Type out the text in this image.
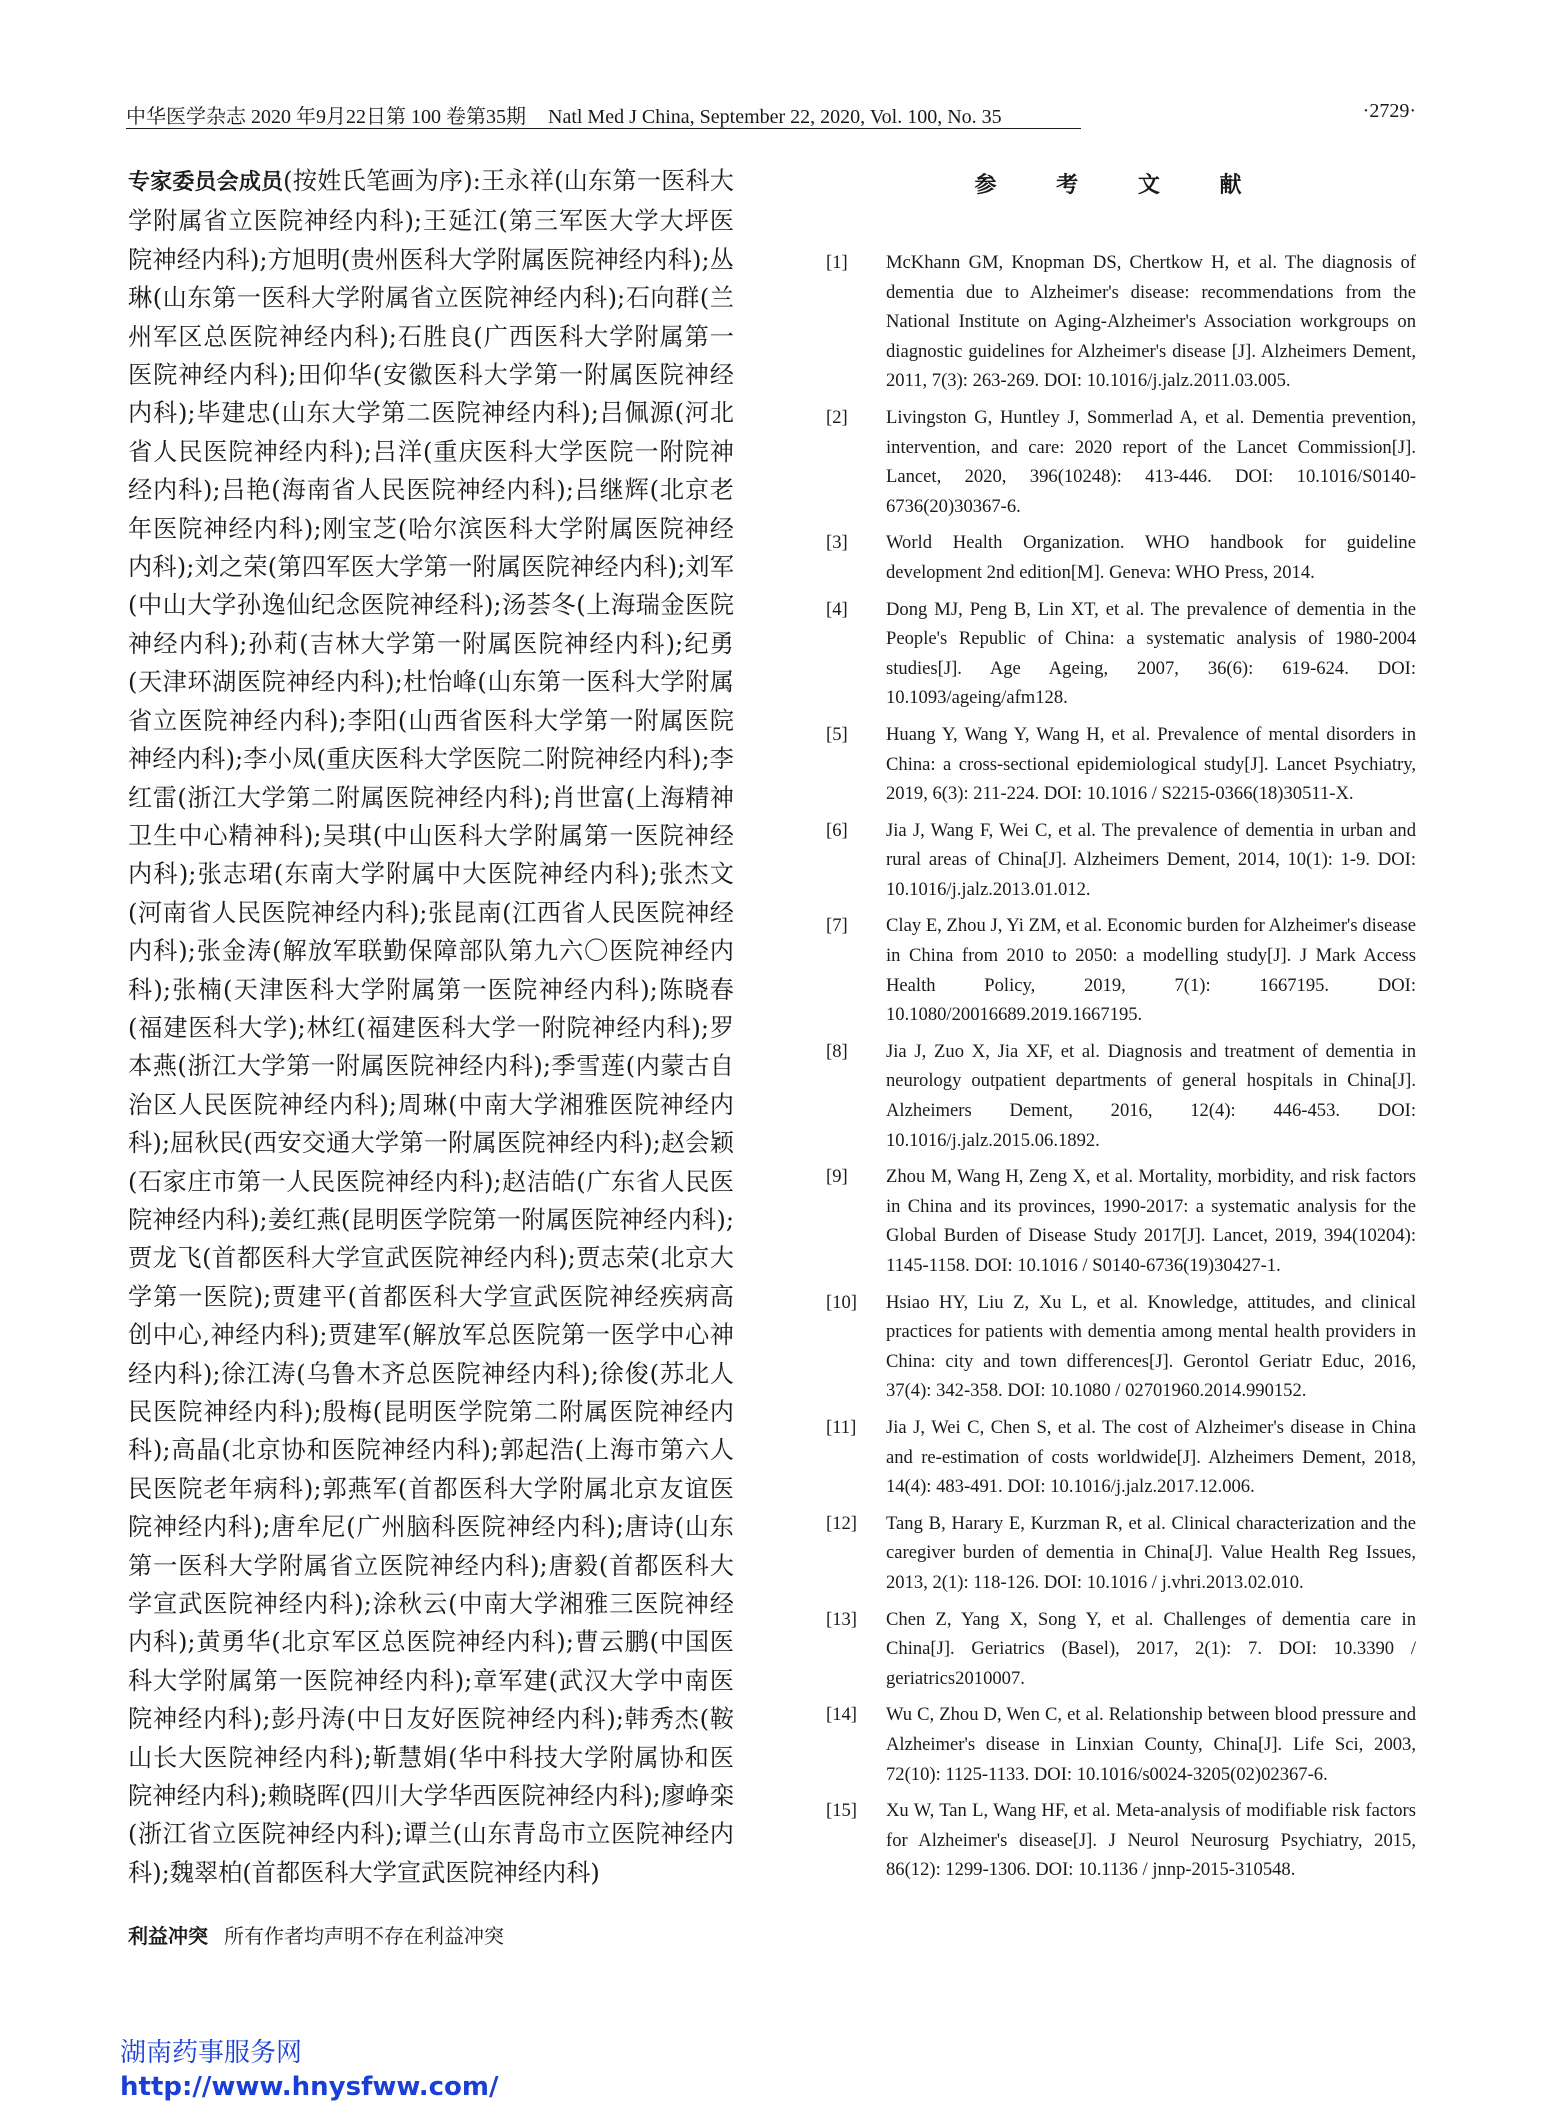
中华医学杂志 2020 年9月22日第 100 卷第35期 Natl Med J China, September 22, 2020, Vol. 100, No. 35	·2729·
专家委员会成员(按姓氏笔画为序):王永祥(山东第一医科大学附属省立医院神经内科);王延江(第三军医大学大坪医院神经内科);方旭明(贵州医科大学附属医院神经内科);丛琳(山东第一医科大学附属省立医院神经内科);石向群(兰州军区总医院神经内科);石胜良(广西医科大学附属第一医院神经内科);田仰华(安徽医科大学第一附属医院神经内科);毕建忠(山东大学第二医院神经内科);吕佩源(河北省人民医院神经内科);吕洋(重庆医科大学医院一附院神经内科);吕艳(海南省人民医院神经内科);吕继辉(北京老年医院神经内科);刚宝芝(哈尔滨医科大学附属医院神经内科);刘之荣(第四军医大学第一附属医院神经内科);刘军(中山大学孙逸仙纪念医院神经科);汤荟冬(上海瑞金医院神经内科);孙莉(吉林大学第一附属医院神经内科);纪勇(天津环湖医院神经内科);杜怡峰(山东第一医科大学附属省立医院神经内科);李阳(山西省医科大学第一附属医院神经内科);李小凤(重庆医科大学医院二附院神经内科);李红雷(浙江大学第二附属医院神经内科);肖世富(上海精神卫生中心精神科);吴琪(中山医科大学附属第一医院神经内科);张志珺(东南大学附属中大医院神经内科);张杰文(河南省人民医院神经内科);张昆南(江西省人民医院神经内科);张金涛(解放军联勤保障部队第九六〇医院神经内科);张楠(天津医科大学附属第一医院神经内科);陈晓春(福建医科大学);林红(福建医科大学一附院神经内科);罗本燕(浙江大学第一附属医院神经内科);季雪莲(内蒙古自治区人民医院神经内科);周琳(中南大学湘雅医院神经内科);屈秋民(西安交通大学第一附属医院神经内科);赵会颖(石家庄市第一人民医院神经内科);赵洁皓(广东省人民医院神经内科);姜红燕(昆明医学院第一附属医院神经内科);贾龙飞(首都医科大学宣武医院神经内科);贾志荣(北京大学第一医院);贾建平(首都医科大学宣武医院神经疾病高创中心,神经内科);贾建军(解放军总医院第一医学中心神经内科);徐江涛(乌鲁木齐总医院神经内科);徐俊(苏北人民医院神经内科);殷梅(昆明医学院第二附属医院神经内科);高晶(北京协和医院神经内科);郭起浩(上海市第六人民医院老年病科);郭燕军(首都医科大学附属北京友谊医院神经内科);唐牟尼(广州脑科医院神经内科);唐诗(山东第一医科大学附属省立医院神经内科);唐毅(首都医科大学宣武医院神经内科);涂秋云(中南大学湘雅三医院神经内科);黄勇华(北京军区总医院神经内科);曹云鹏(中国医科大学附属第一医院神经内科);章军建(武汉大学中南医院神经内科);彭丹涛(中日友好医院神经内科);韩秀杰(鞍山长大医院神经内科);靳慧娟(华中科技大学附属协和医院神经内科);赖晓晖(四川大学华西医院神经内科);廖峥栾(浙江省立医院神经内科);谭兰(山东青岛市立医院神经内科);魏翠柏(首都医科大学宣武医院神经内科)
利益冲突 所有作者均声明不存在利益冲突
参 考 文 献
[1] McKhann GM, Knopman DS, Chertkow H, et al. The diagnosis of dementia due to Alzheimer's disease: recommendations from the National Institute on Aging-Alzheimer's Association workgroups on diagnostic guidelines for Alzheimer's disease [J]. Alzheimers Dement, 2011, 7(3): 263-269. DOI: 10.1016/j.jalz.2011.03.005.
[2] Livingston G, Huntley J, Sommerlad A, et al. Dementia prevention, intervention, and care: 2020 report of the Lancet Commission[J]. Lancet, 2020, 396(10248): 413-446. DOI: 10.1016/S0140-6736(20)30367-6.
[3] World Health Organization. WHO handbook for guideline development 2nd edition[M]. Geneva: WHO Press, 2014.
[4] Dong MJ, Peng B, Lin XT, et al. The prevalence of dementia in the People's Republic of China: a systematic analysis of 1980-2004 studies[J]. Age Ageing, 2007, 36(6): 619-624. DOI: 10.1093/ageing/afm128.
[5] Huang Y, Wang Y, Wang H, et al. Prevalence of mental disorders in China: a cross-sectional epidemiological study[J]. Lancet Psychiatry, 2019, 6(3): 211-224. DOI: 10.1016 / S2215-0366(18)30511-X.
[6] Jia J, Wang F, Wei C, et al. The prevalence of dementia in urban and rural areas of China[J]. Alzheimers Dement, 2014, 10(1): 1-9. DOI: 10.1016/j.jalz.2013.01.012.
[7] Clay E, Zhou J, Yi ZM, et al. Economic burden for Alzheimer's disease in China from 2010 to 2050: a modelling study[J]. J Mark Access Health Policy, 2019, 7(1): 1667195. DOI: 10.1080/20016689.2019.1667195.
[8] Jia J, Zuo X, Jia XF, et al. Diagnosis and treatment of dementia in neurology outpatient departments of general hospitals in China[J]. Alzheimers Dement, 2016, 12(4): 446-453. DOI: 10.1016/j.jalz.2015.06.1892.
[9] Zhou M, Wang H, Zeng X, et al. Mortality, morbidity, and risk factors in China and its provinces, 1990-2017: a systematic analysis for the Global Burden of Disease Study 2017[J]. Lancet, 2019, 394(10204): 1145-1158. DOI: 10.1016 / S0140-6736(19)30427-1.
[10] Hsiao HY, Liu Z, Xu L, et al. Knowledge, attitudes, and clinical practices for patients with dementia among mental health providers in China: city and town differences[J]. Gerontol Geriatr Educ, 2016, 37(4): 342-358. DOI: 10.1080 / 02701960.2014.990152.
[11] Jia J, Wei C, Chen S, et al. The cost of Alzheimer's disease in China and re-estimation of costs worldwide[J]. Alzheimers Dement, 2018, 14(4): 483-491. DOI: 10.1016/j.jalz.2017.12.006.
[12] Tang B, Harary E, Kurzman R, et al. Clinical characterization and the caregiver burden of dementia in China[J]. Value Health Reg Issues, 2013, 2(1): 118-126. DOI: 10.1016 / j.vhri.2013.02.010.
[13] Chen Z, Yang X, Song Y, et al. Challenges of dementia care in China[J]. Geriatrics (Basel), 2017, 2(1): 7. DOI: 10.3390 / geriatrics2010007.
[14] Wu C, Zhou D, Wen C, et al. Relationship between blood pressure and Alzheimer's disease in Linxian County, China[J]. Life Sci, 2003, 72(10): 1125-1133. DOI: 10.1016/s0024-3205(02)02367-6.
[15] Xu W, Tan L, Wang HF, et al. Meta-analysis of modifiable risk factors for Alzheimer's disease[J]. J Neurol Neurosurg Psychiatry, 2015, 86(12): 1299-1306. DOI: 10.1136 / jnnp-2015-310548.
湖南药事服务网
http://www.hnysfww.com/
